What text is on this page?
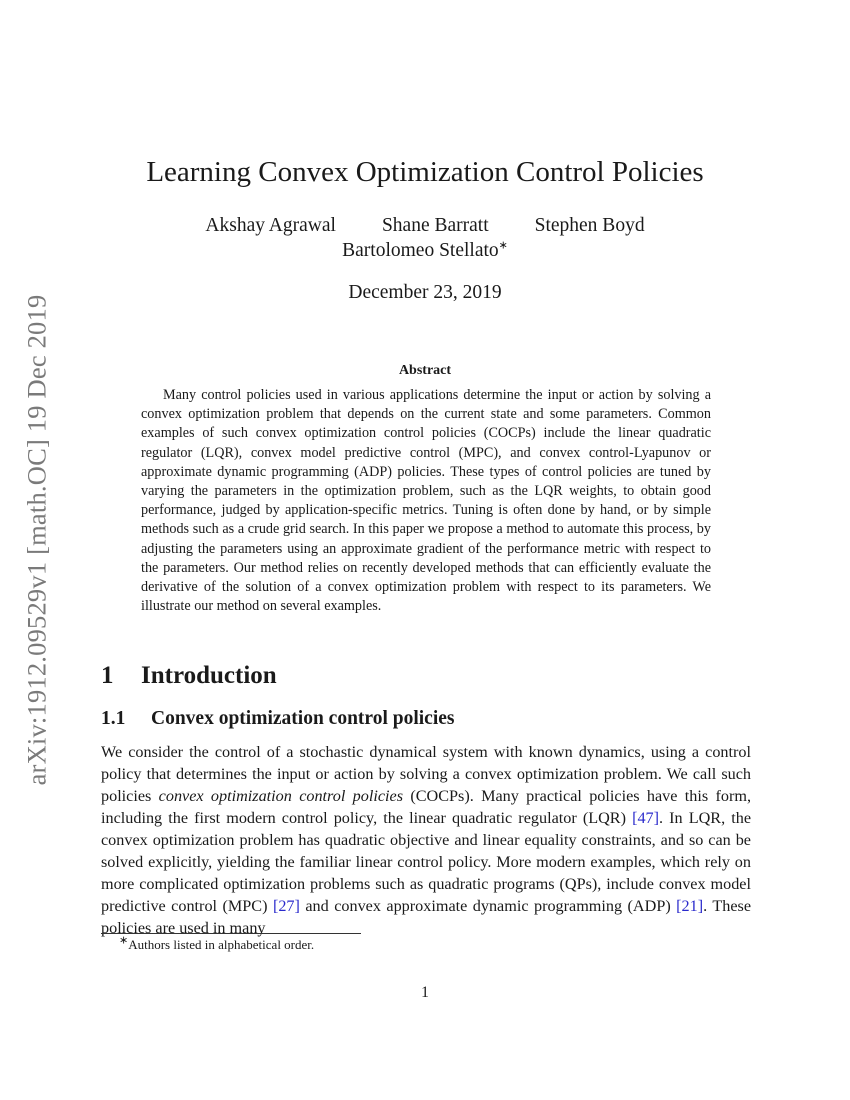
arXiv:1912.09529v1 [math.OC] 19 Dec 2019
Learning Convex Optimization Control Policies
Akshay Agrawal Shane Barratt Stephen Boyd
Bartolomeo Stellato∗
December 23, 2019
Abstract

Many control policies used in various applications determine the input or action by solving a convex optimization problem that depends on the current state and some parameters. Common examples of such convex optimization control policies (COCPs) include the linear quadratic regulator (LQR), convex model predictive control (MPC), and convex control-Lyapunov or approximate dynamic programming (ADP) policies. These types of control policies are tuned by varying the parameters in the optimization problem, such as the LQR weights, to obtain good performance, judged by application-specific metrics. Tuning is often done by hand, or by simple methods such as a crude grid search. In this paper we propose a method to automate this process, by adjusting the parameters using an approximate gradient of the performance metric with respect to the parameters. Our method relies on recently developed methods that can efficiently evaluate the derivative of the solution of a convex optimization problem with respect to its parameters. We illustrate our method on several examples.

1 Introduction
1.1 Convex optimization control policies

We consider the control of a stochastic dynamical system with known dynamics, using a control policy that determines the input or action by solving a convex optimization problem. We call such policies convex optimization control policies (COCPs). Many practical policies have this form, including the first modern control policy, the linear quadratic regulator (LQR) [47]. In LQR, the convex optimization problem has quadratic objective and linear equality constraints, and so can be solved explicitly, yielding the familiar linear control policy. More modern examples, which rely on more complicated optimization problems such as quadratic programs (QPs), include convex model predictive control (MPC) [27] and convex approximate dynamic programming (ADP) [21]. These policies are used in many

∗Authors listed in alphabetical order.
1
